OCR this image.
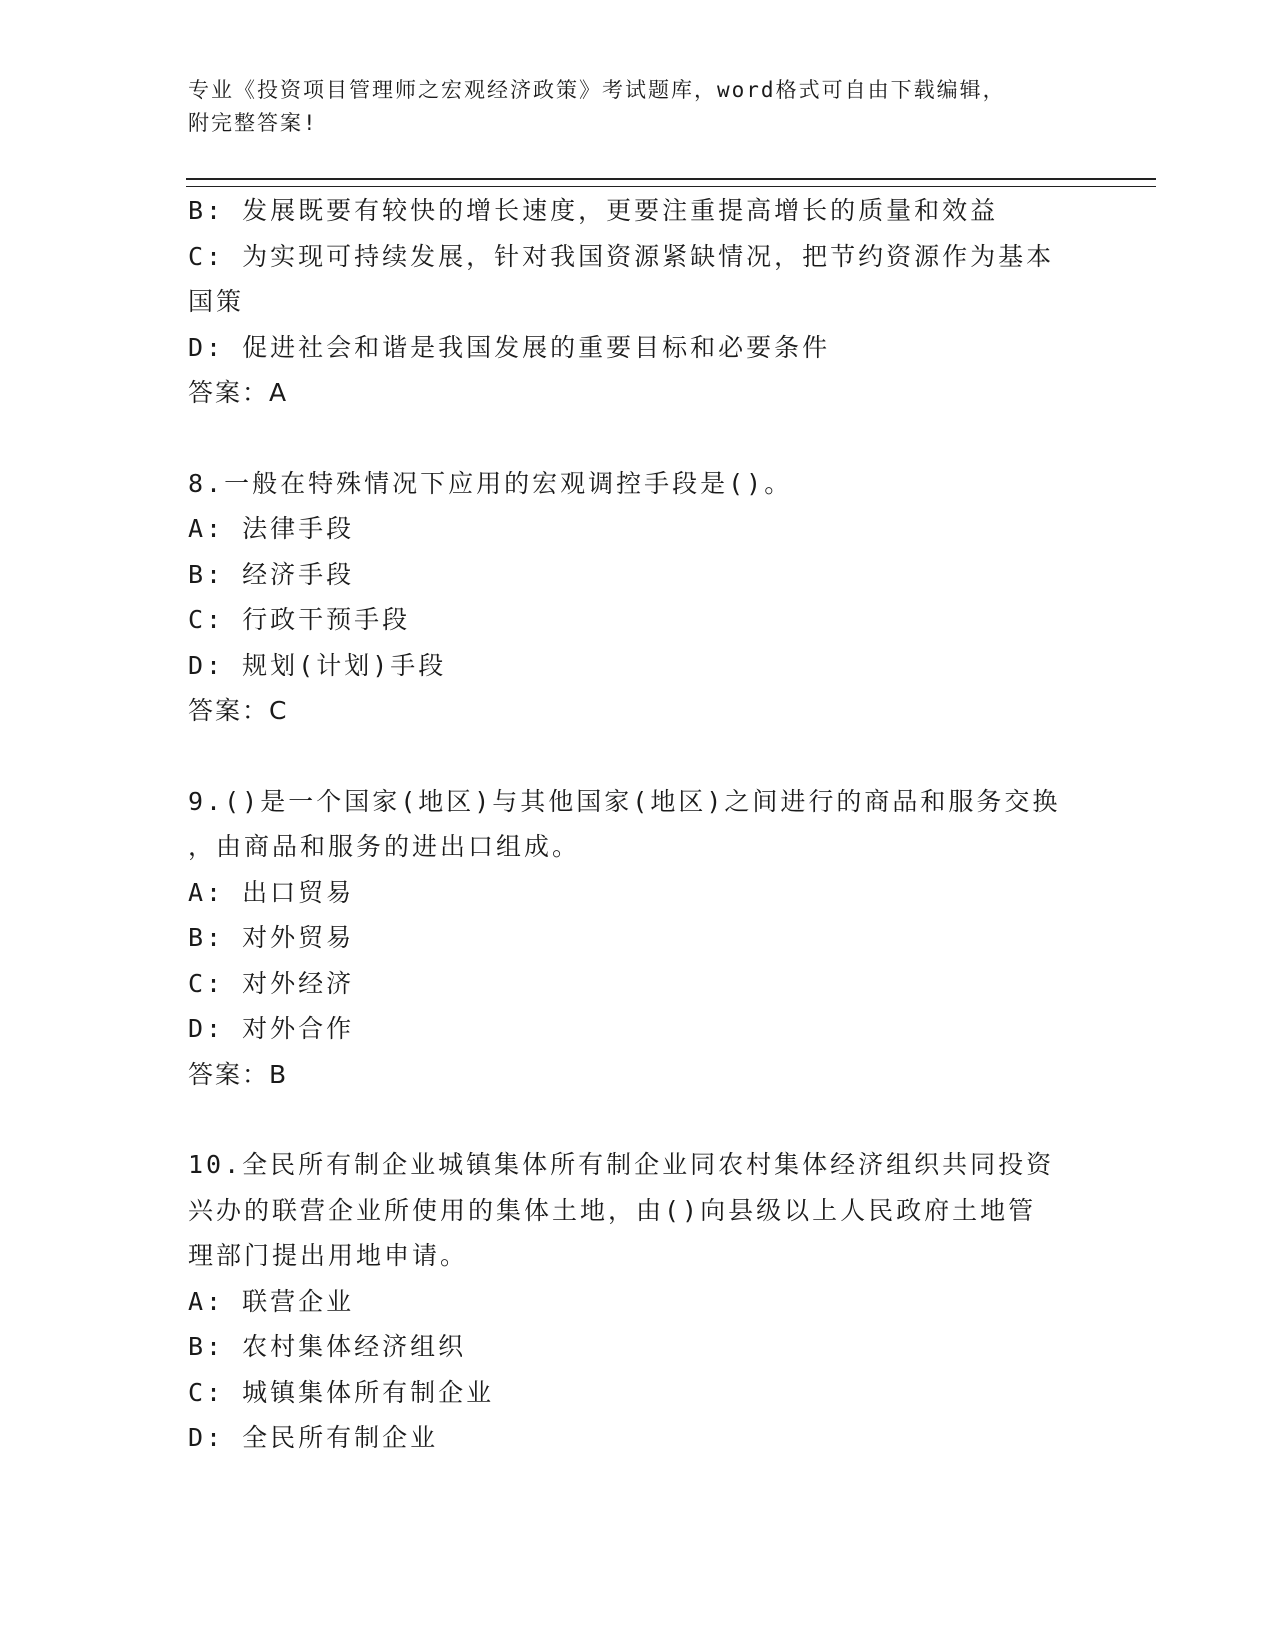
专业《投资项目管理师之宏观经济政策》考试题库，word格式可自由下载编辑，
附完整答案!
B: 发展既要有较快的增长速度，更要注重提高增长的质量和效益
C: 为实现可持续发展，针对我国资源紧缺情况，把节约资源作为基本
国策
D: 促进社会和谐是我国发展的重要目标和必要条件
答案：A
8.一般在特殊情况下应用的宏观调控手段是()。
A: 法律手段
B: 经济手段
C: 行政干预手段
D: 规划(计划)手段
答案：C
9.()是一个国家(地区)与其他国家(地区)之间进行的商品和服务交换
，由商品和服务的进出口组成。
A: 出口贸易
B: 对外贸易
C: 对外经济
D: 对外合作
答案：B
10.全民所有制企业城镇集体所有制企业同农村集体经济组织共同投资
兴办的联营企业所使用的集体土地，由()向县级以上人民政府土地管
理部门提出用地申请。
A: 联营企业
B: 农村集体经济组织
C: 城镇集体所有制企业
D: 全民所有制企业
